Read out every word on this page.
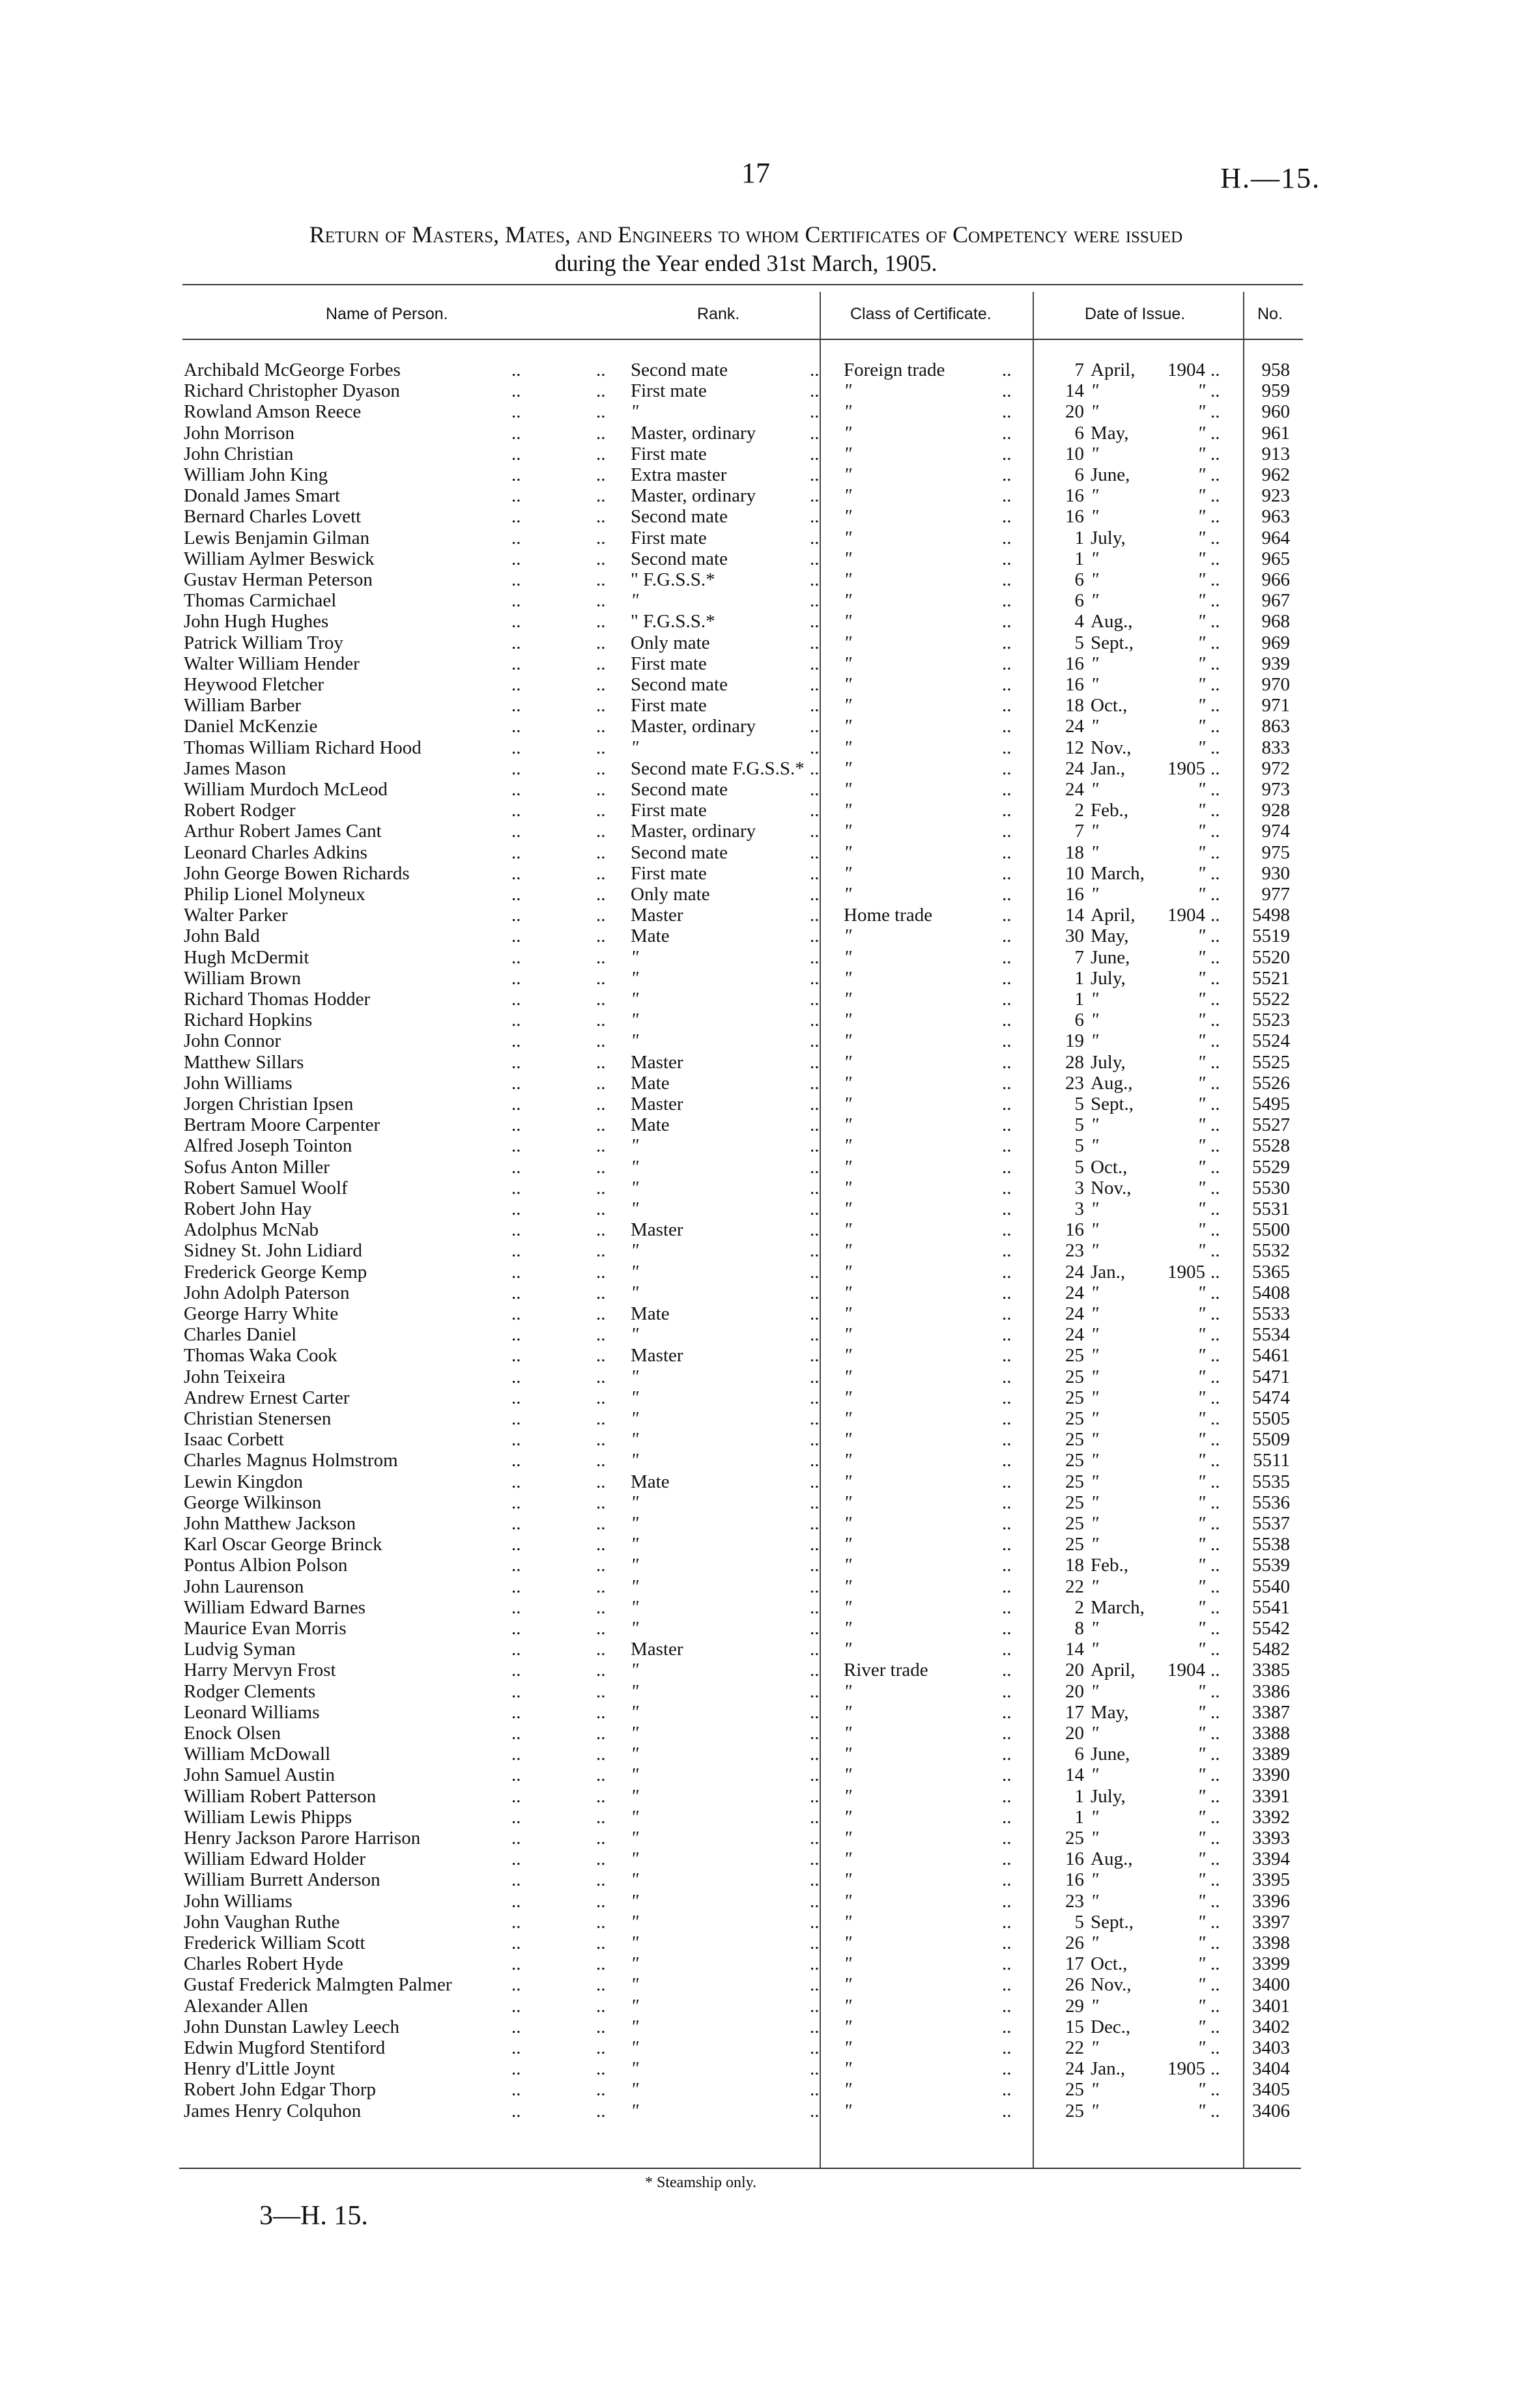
17	H.—15.
Return of Masters, Mates, and Engineers to whom Certificates of Competency were issued
during the Year ended 31st March, 1905.
Name of Person.	Rank.	Class of Certificate.	Date of Issue.	No.
Archibald McGeorge Forbes	Second mate	Foreign trade	7 April,	1904	958
..	..	..	..	..
Richard Christopher Dyason	First mate	"	14 "	"	959
..	..	..	..	..
Rowland Amson Reece	"	"	20 "	"	960
..	..	..	..	..
John Morrison	Master, ordinary	"	6 May,	"	961
..	..	..	..	..
John Christian	First mate	"	10 "	"	913
..	..	..	..	..
William John King	Extra master	"	6 June,	"	962
..	..	..	..	..
Donald James Smart	Master, ordinary	"	16 "	"	923
..	..	..	..	..
Bernard Charles Lovett	Second mate	"	16 "	"	963
..	..	..	..	..
Lewis Benjamin Gilman	First mate	"	1 July,	"	964
..	..	..	..	..
William Aylmer Beswick	Second mate	"	1 "	"	965
..	..	..	..	..
Gustav Herman Peterson	" F.G.S.S.*	"	6 "	"	966
..	..	..	..	..
Thomas Carmichael	"	"	6 "	"	967
..	..	..	..	..
John Hugh Hughes	" F.G.S.S.*	"	4 Aug.,	"	968
..	..	..	..	..
Patrick William Troy	Only mate	"	5 Sept.,	"	969
..	..	..	..	..
Walter William Hender	First mate	"	16 "	"	939
..	..	..	..	..
Heywood Fletcher	Second mate	"	16 "	"	970
..	..	..	..	..
William Barber	First mate	"	18 Oct.,	"	971
..	..	..	..	..
Daniel McKenzie	Master, ordinary	"	24 "	"	863
..	..	..	..	..
Thomas William Richard Hood	"	"	12 Nov.,	"	833
..	..	..	..	..
James Mason	Second mate F.G.S.S.* "	24 Jan.,	1905	972
..	..	..	..	..
William Murdoch McLeod	Second mate	"	24 "	"	973
..	..	..	..	..
Robert Rodger	First mate	"	2 Feb.,	"	928
..	..	..	..	..
Arthur Robert James Cant	Master, ordinary	"	7 "	"	974
..	..	..	..	..
Leonard Charles Adkins	Second mate	"	18 "	"	975
..	..	..	..	..
John George Bowen Richards	First mate	"	10 March,	"	930
..	..	..	..	..
Philip Lionel Molyneux	Only mate	"	16 "	"	977
..	..	..	..	..
Walter Parker	Master	Home trade	14 April,	1904	5498
..	..	..	..	..
John Bald	Mate	"	30 May,	"	5519
..	..	..	..	..
Hugh McDermit	"	"	7 June,	"	5520
..	..	..	..	..
William Brown	"	"	1 July,	"	5521
..	..	..	..	..
Richard Thomas Hodder	"	"	1 "	"	5522
..	..	..	..	..
Richard Hopkins	"	"	6 "	"	5523
..	..	..	..	..
John Connor	"	"	19 "	"	5524
..	..	..	..	..
Matthew Sillars	Master	"	28 July,	"	5525
..	..	..	..	..
John Williams	Mate	"	23 Aug.,	"	5526
..	..	..	..	..
Jorgen Christian Ipsen	Master	"	5 Sept.,	"	5495
..	..	..	..	..
Bertram Moore Carpenter	Mate	"	5 "	"	5527
..	..	..	..	..
Alfred Joseph Tointon	"	"	5 "	"	5528
..	..	..	..	..
Sofus Anton Miller	"	"	5 Oct.,	"	5529
..	..	..	..	..
Robert Samuel Woolf	"	"	3 Nov.,	"	5530
..	..	..	..	..
Robert John Hay	"	"	3 "	"	5531
..	..	..	..	..
Adolphus McNab	Master	"	16 "	"	5500
..	..	..	..	..
Sidney St. John Lidiard	"	"	23 "	"	5532
..	..	..	..	..
Frederick George Kemp	"	"	24 Jan.,	1905	5365
..	..	..	..	..
John Adolph Paterson	"	"	24 "	"	5408
..	..	..	..	..
George Harry White	Mate	"	24 "	"	5533
..	..	..	..	..
Charles Daniel	"	"	24 "	"	5534
..	..	..	..	..
Thomas Waka Cook	Master	"	25 "	"	5461
..	..	..	..	..
John Teixeira	"	"	25 "	"	5471
..	..	..	..	..
Andrew Ernest Carter	"	"	25 "	"	5474
..	..	..	..	..
Christian Stenersen	"	"	25 "	"	5505
..	..	..	..	..
Isaac Corbett	"	"	25 "	"	5509
..	..	..	..	..
Charles Magnus Holmstrom	"	"	25 "	"	5511
..	..	..	..	..
Lewin Kingdon	Mate	"	25 "	"	5535
..	..	..	..	..
George Wilkinson	"	"	25 "	"	5536
..	..	..	..	..
John Matthew Jackson	"	"	25 "	"	5537
..	..	..	..	..
Karl Oscar George Brinck	"	"	25 "	"	5538
..	..	..	..	..
Pontus Albion Polson	"	"	18 Feb.,	"	5539
..	..	..	..	..
John Laurenson	"	"	22 "	"	5540
..	..	..	..	..
William Edward Barnes	"	"	2 March,	"	5541
..	..	..	..	..
Maurice Evan Morris	"	"	8 "	"	5542
..	..	..	..	..
Ludvig Syman	Master	"	14 "	"	5482
..	..	..	..	..
Harry Mervyn Frost	"	River trade	20 April,	1904	3385
..	..	..	..	..
Rodger Clements	"	"	20 "	"	3386
..	..	..	..	..
Leonard Williams	"	"	17 May,	"	3387
..	..	..	..	..
Enock Olsen	"	"	20 "	"	3388
..	..	..	..	..
William McDowall	"	"	6 June,	"	3389
..	..	..	..	..
John Samuel Austin	"	"	14 "	"	3390
..	..	..	..	..
William Robert Patterson	"	"	1 July,	"	3391
..	..	..	..	..
William Lewis Phipps	"	"	1 "	"	3392
..	..	..	..	..
Henry Jackson Parore Harrison	"	"	25 "	"	3393
..	..	..	..	..
William Edward Holder	"	"	16 Aug.,	"	3394
..	..	..	..	..
William Burrett Anderson	"	"	16 "	"	3395
..	..	..	..	..
John Williams	"	"	23 "	"	3396
..	..	..	..	..
John Vaughan Ruthe	"	"	5 Sept.,	"	3397
..	..	..	..	..
Frederick William Scott	"	"	26 "	"	3398
..	..	..	..	..
Charles Robert Hyde	"	"	17 Oct.,	"	3399
..	..	..	..	..
Gustaf Frederick Malmgten Palmer	"	"	26 Nov.,	"	3400
..	..	..	..	..
Alexander Allen	"	"	29 "	"	3401
..	..	..	..	..
John Dunstan Lawley Leech	"	"	15 Dec.,	"	3402
..	..	..	..	..
Edwin Mugford Stentiford	"	"	22 "	"	3403
..	..	..	..	..
Henry d'Little Joynt	"	"	24 Jan.,	1905	3404
..	..	..	..	..
Robert John Edgar Thorp	"	"	25 "	"	3405
..	..	..	..	..
James Henry Colquhon	"	"	25 "	"	3406
..	..	..	..	..
* Steamship only.
3—H. 15.
